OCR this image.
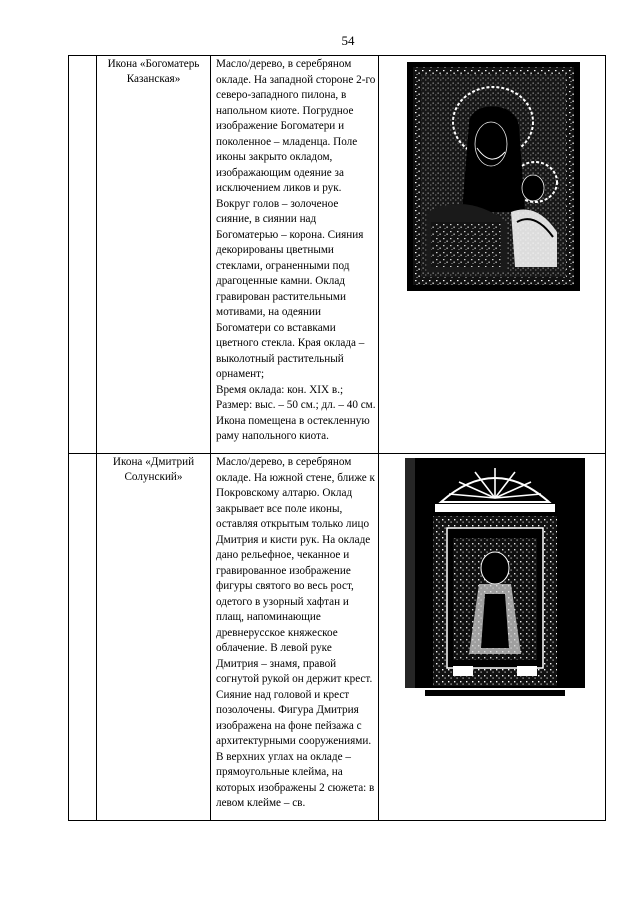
54
	Икона «Богоматерь Казанская»	Масло/дерево, в серебряном окладе. На западной стороне 2-го северо-западного пилона, в напольном киоте. Погрудное изображение Богоматери и поколенное – младенца. Поле иконы закрыто окладом, изображающим одеяние за исключением ликов и рук. Вокруг голов – золоченое сияние, в сиянии над Богоматерью – корона. Сияния декорированы цветными стеклами, ограненными под драгоценные камни. Оклад гравирован растительными мотивами, на одеянии Богоматери со вставками цветного стекла. Края оклада – выколотный растительный орнамент;

Время оклада: кон. XIX в.;

Размер: выс. – 50 см.; дл. – 40 см.

Икона помещена в остекленную раму напольного киота.

	Икона «Дмитрий Солунский»	Масло/дерево, в серебряном окладе. На южной стене, ближе к Покровскому алтарю. Оклад закрывает все поле иконы, оставляя открытым только лицо Дмитрия и кисти рук. На окладе дано рельефное, чеканное и гравированное изображение фигуры святого во весь рост, одетого в узорный хафтан и плащ, напоминающие древнерусское княжеское облачение. В левой руке Дмитрия – знамя, правой согнутой рукой он держит крест. Сияние над головой и крест позолочены. Фигура Дмитрия изображена на фоне пейзажа с архитектурными сооружениями. В верхних углах на окладе – прямоугольные клейма, на которых изображены 2 сюжета: в левом клейме – св.
